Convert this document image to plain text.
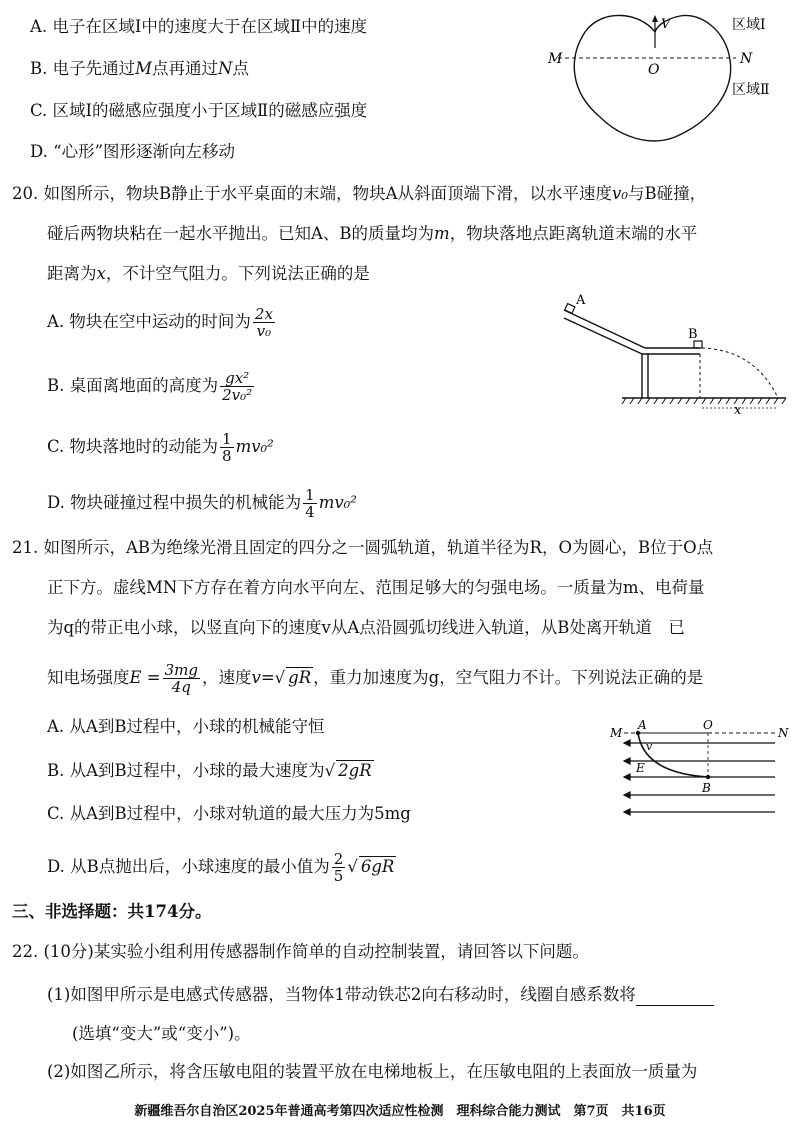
A. 电子在区域Ⅰ中的速度大于在区域Ⅱ中的速度
B. 电子先通过M点再通过N点
C. 区域Ⅰ的磁感应强度小于区域Ⅱ的磁感应强度
D. “心形”图形逐渐向左移动
M	N
O
V	区域Ⅰ
区域Ⅱ
20. 如图所示，物块B静止于水平桌面的末端，物块A从斜面顶端下滑，以水平速度v₀与B碰撞，
碰后两物块粘在一起水平抛出。已知A、B的质量均为m，物块落地点距离轨道末端的水平
距离为x，不计空气阻力。下列说法正确的是
A. 物块在空中运动的时间为 $\frac{2x}{\text{v₀}}$
B. 桌面离地面的高度为 $\frac{\text{gx²}}{\text{2v₀²}}$
C. 物块落地时的动能为 $\frac{1}{8} mv_0^2$
D. 物块碰撞过程中损失的机械能为 $\frac{1}{4} mv_0^2$
A
B
x
21. 如图所示，AB为绝缘光滑且固定的四分之一圆弧轨道，轨道半径为R，O为圆心，B位于O点
正下方。虚线MN下方存在着方向水平向左、范围足够大的匀强电场。一质量为m、电荷量
为q的带正电小球，以竖直向下的速度v从A点沿圆弧切线进入轨道，从B处离开轨道　已
知电场强度$E = \frac{3mg}{4q}$ ，速度v=√ gR ，重力加速度为g，空气阻力不计。下列说法正确的是
A. 从A到B过程中，小球的机械能守恒
B. 从A到B过程中，小球的最大速度为√ 2gR
C. 从A到B过程中，小球对轨道的最大压力为5mg
D. 从B点抛出后，小球速度的最小值为 $\frac{2}{5}$ √ 6gR
M	N
A	O
v
E
B
三、非选择题：共174分。
22. (10分)某实验小组利用传感器制作简单的自动控制装置，请回答以下问题。
(1)如图甲所示是电感式传感器，当物体1带动铁芯2向右移动时，线圈自感系数将
(选填“变大”或“变小”)。
(2)如图乙所示，将含压敏电阻的装置平放在电梯地板上，在压敏电阻的上表面放一质量为
新疆维吾尔自治区2025年普通高考第四次适应性检测　理科综合能力测试　第7页　共16页
